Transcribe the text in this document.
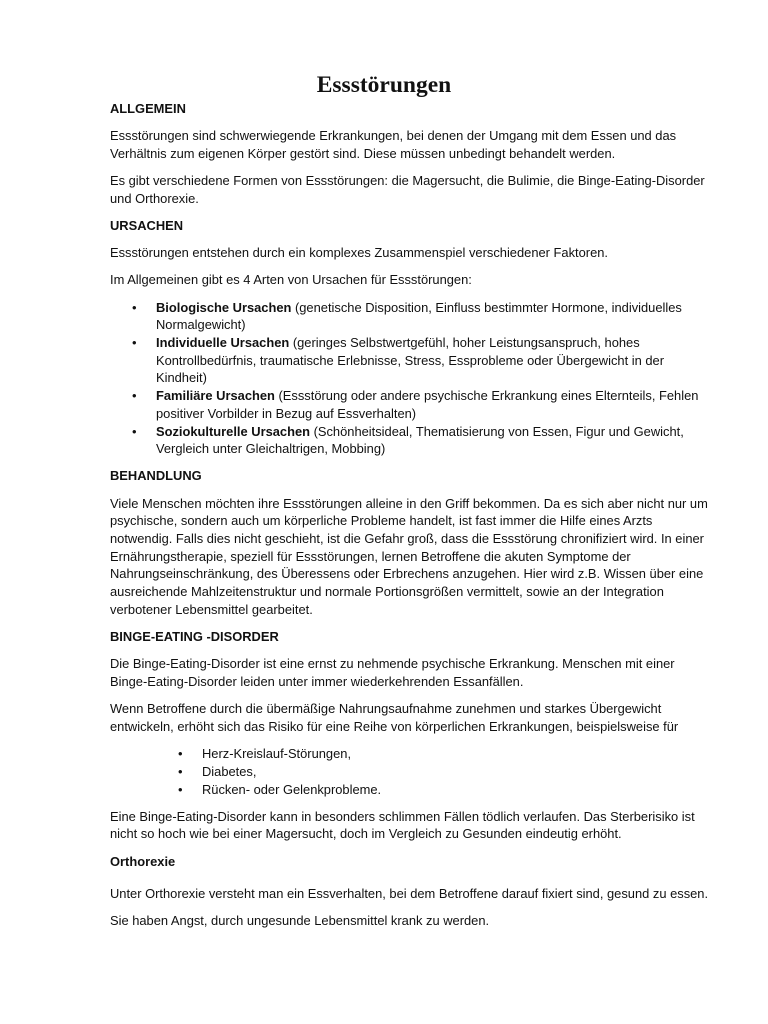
Essstörungen

ALLGEMEIN

Essstörungen sind schwerwiegende Erkrankungen, bei denen der Umgang mit dem Essen und das Verhältnis zum eigenen Körper gestört sind. Diese müssen unbedingt behandelt werden.

Es gibt verschiedene Formen von Essstörungen: die Magersucht, die Bulimie, die Binge-Eating-Disorder und Orthorexie.

URSACHEN

Essstörungen entstehen durch ein komplexes Zusammenspiel verschiedener Faktoren.

Im Allgemeinen gibt es 4 Arten von Ursachen für Essstörungen:

• Biologische Ursachen (genetische Disposition, Einfluss bestimmter Hormone, individuelles Normalgewicht)
• Individuelle Ursachen (geringes Selbstwertgefühl, hoher Leistungsanspruch, hohes Kontrollbedürfnis, traumatische Erlebnisse, Stress, Essprobleme oder Übergewicht in der Kindheit)
• Familiäre Ursachen (Essstörung oder andere psychische Erkrankung eines Elternteils, Fehlen positiver Vorbilder in Bezug auf Essverhalten)
• Soziokulturelle Ursachen (Schönheitsideal, Thematisierung von Essen, Figur und Gewicht, Vergleich unter Gleichaltrigen, Mobbing)

BEHANDLUNG

Viele Menschen möchten ihre Essstörungen alleine in den Griff bekommen. Da es sich aber nicht nur um psychische, sondern auch um körperliche Probleme handelt, ist fast immer die Hilfe eines Arzts notwendig. Falls dies nicht geschieht, ist die Gefahr groß, dass die Essstörung chronifiziert wird. In einer Ernährungstherapie, speziell für Essstörungen, lernen Betroffene die akuten Symptome der Nahrungseinschränkung, des Überessens oder Erbrechens anzugehen. Hier wird z.B. Wissen über eine ausreichende Mahlzeitenstruktur und normale Portionsgrößen vermittelt, sowie an der Integration verbotener Lebensmittel gearbeitet.

BINGE-EATING -DISORDER

Die Binge-Eating-Disorder ist eine ernst zu nehmende psychische Erkrankung. Menschen mit einer Binge-Eating-Disorder leiden unter immer wiederkehrenden Essanfällen.

Wenn Betroffene durch die übermäßige Nahrungsaufnahme zunehmen und starkes Übergewicht entwickeln, erhöht sich das Risiko für eine Reihe von körperlichen Erkrankungen, beispielsweise für

• Herz-Kreislauf-Störungen,
• Diabetes,
• Rücken- oder Gelenkprobleme.

Eine Binge-Eating-Disorder kann in besonders schlimmen Fällen tödlich verlaufen. Das Sterberisiko ist nicht so hoch wie bei einer Magersucht, doch im Vergleich zu Gesunden eindeutig erhöht.

Orthorexie

Unter Orthorexie versteht man ein Essverhalten, bei dem Betroffene darauf fixiert sind, gesund zu essen. Sie haben Angst, durch ungesunde Lebensmittel krank zu werden.
